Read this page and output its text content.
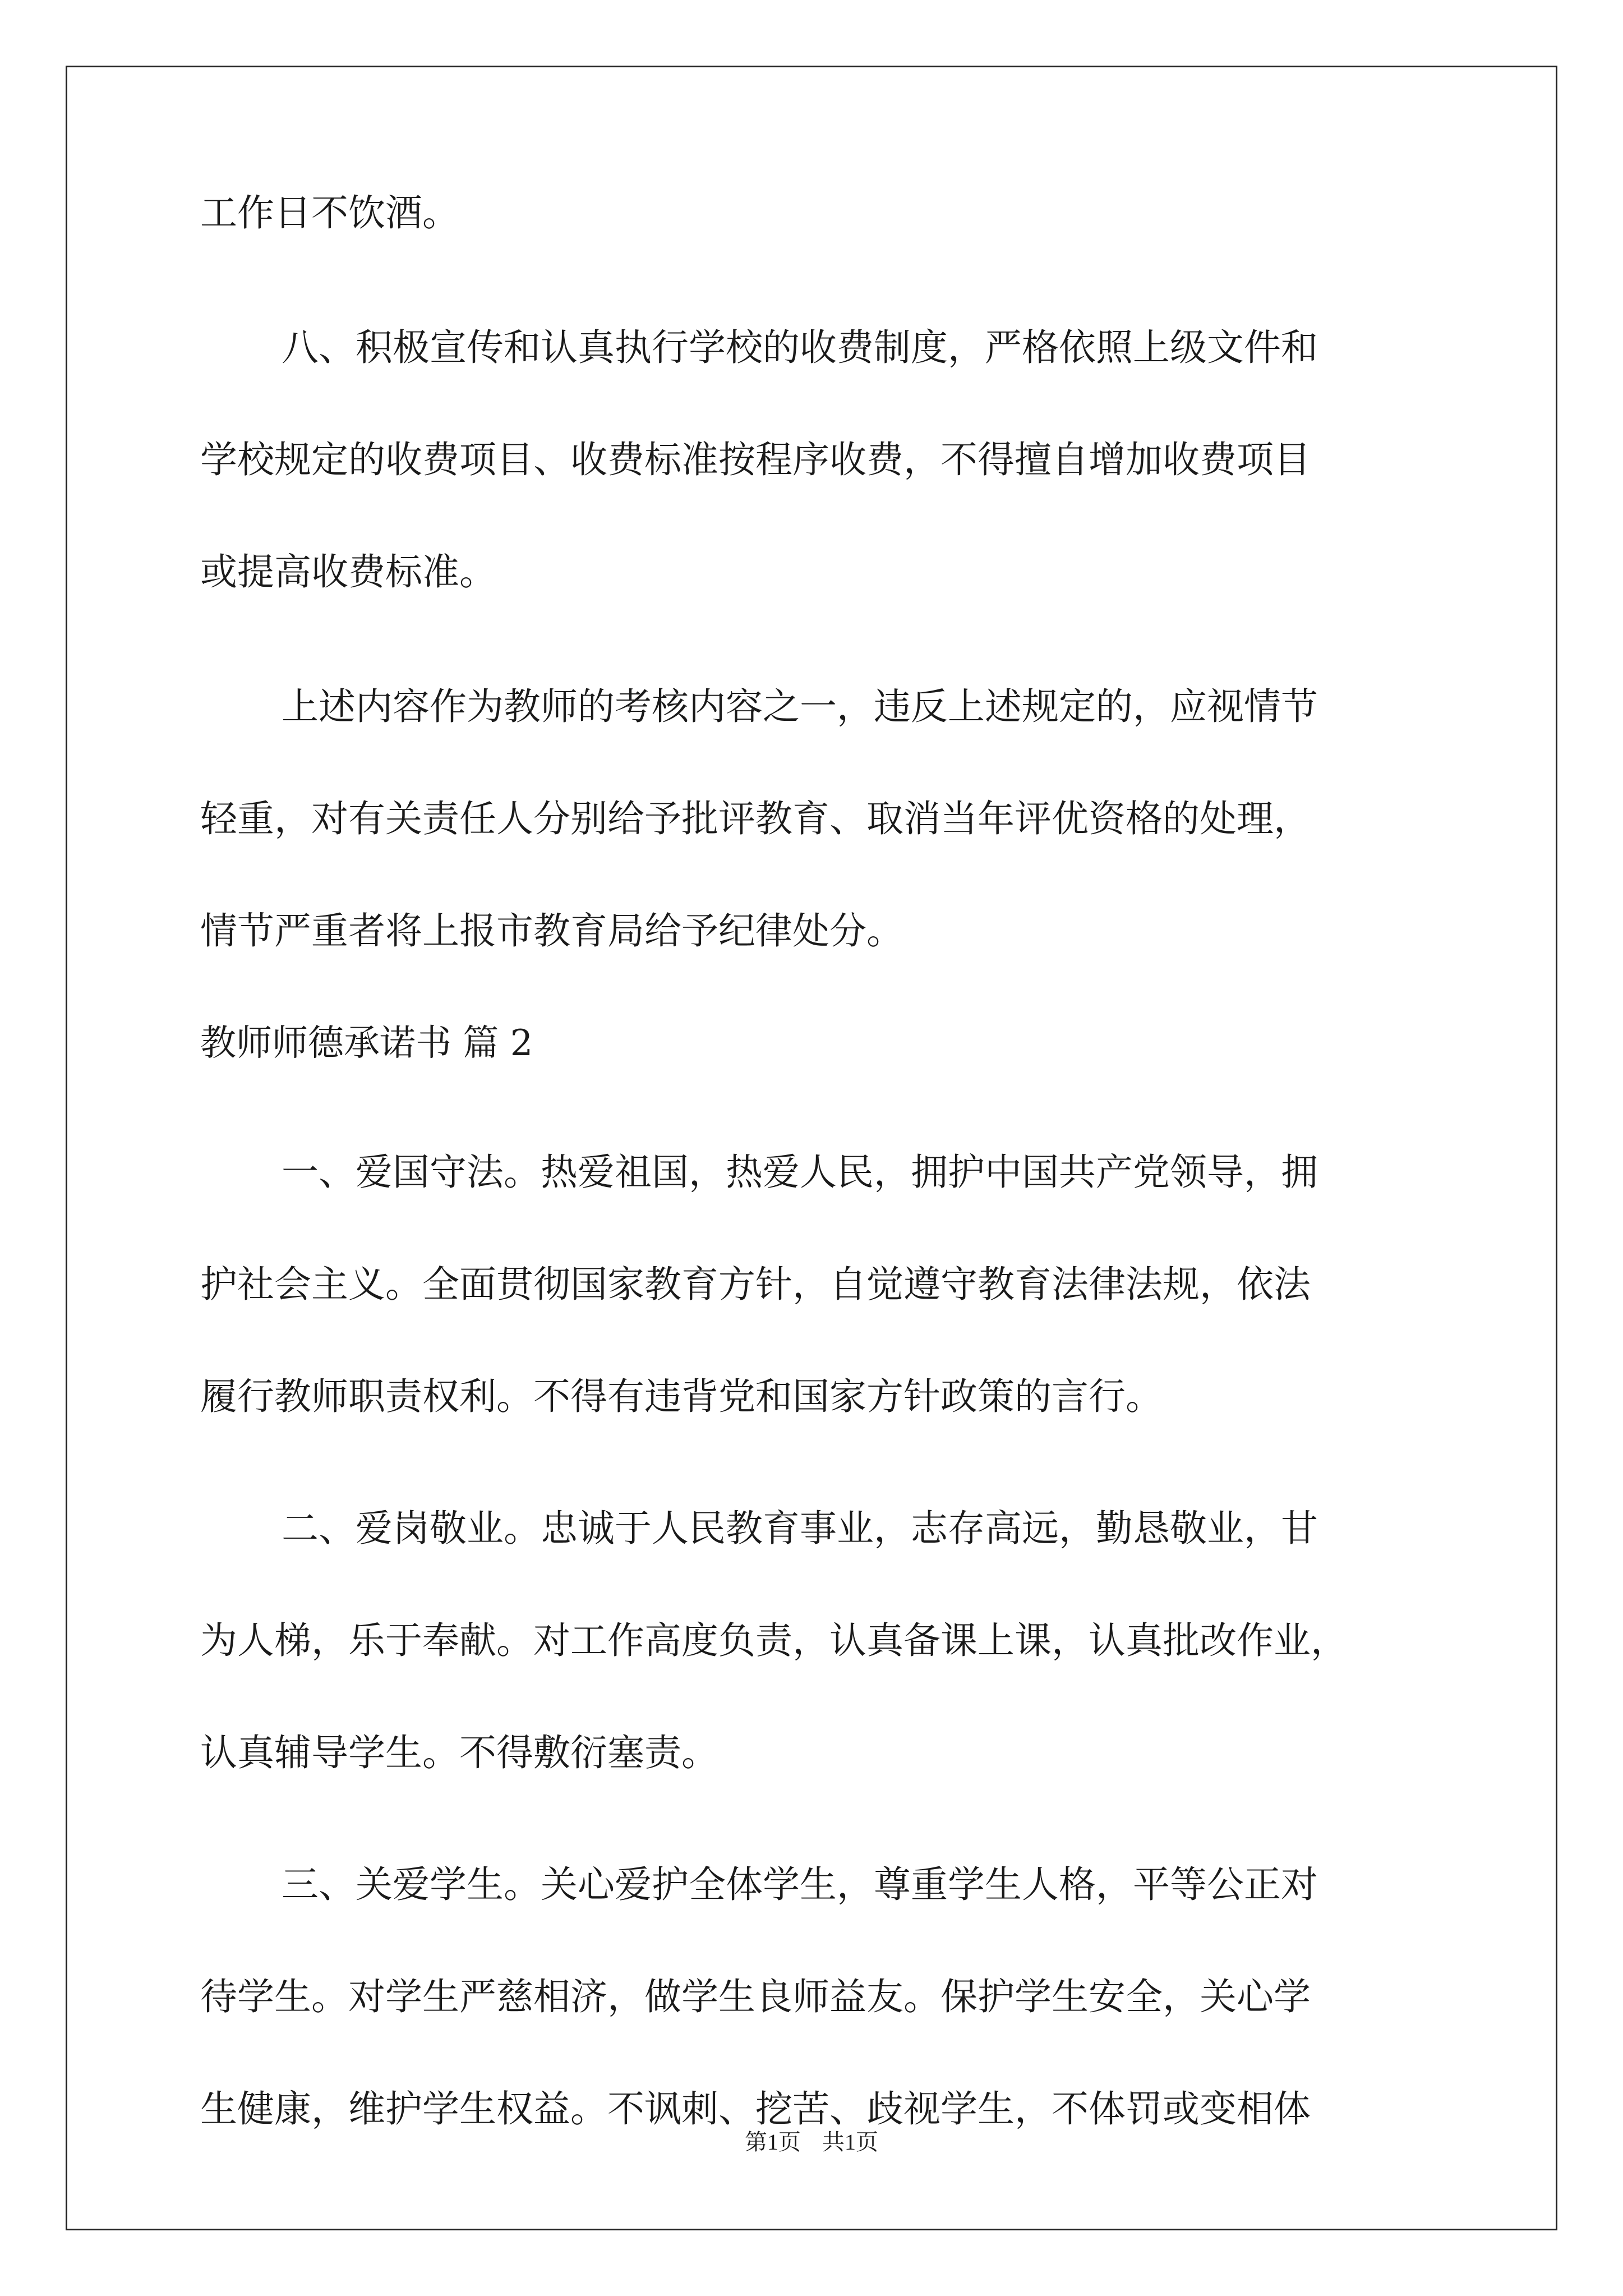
工作日不饮酒。
八、积极宣传和认真执行学校的收费制度，严格依照上级文件和
学校规定的收费项目、收费标准按程序收费，不得擅自增加收费项目
或提高收费标准。
上述内容作为教师的考核内容之一，违反上述规定的，应视情节
轻重，对有关责任人分别给予批评教育、取消当年评优资格的处理，
情节严重者将上报市教育局给予纪律处分。
教师师德承诺书 篇 2
一、爱国守法。热爱祖国，热爱人民，拥护中国共产党领导，拥
护社会主义。全面贯彻国家教育方针，自觉遵守教育法律法规，依法
履行教师职责权利。不得有违背党和国家方针政策的言行。
二、爱岗敬业。忠诚于人民教育事业，志存高远，勤恳敬业，甘
为人梯，乐于奉献。对工作高度负责，认真备课上课，认真批改作业，
认真辅导学生。不得敷衍塞责。
三、关爱学生。关心爱护全体学生，尊重学生人格，平等公正对
待学生。对学生严慈相济，做学生良师益友。保护学生安全，关心学
生健康，维护学生权益。不讽刺、挖苦、歧视学生，不体罚或变相体
第1页 共1页
